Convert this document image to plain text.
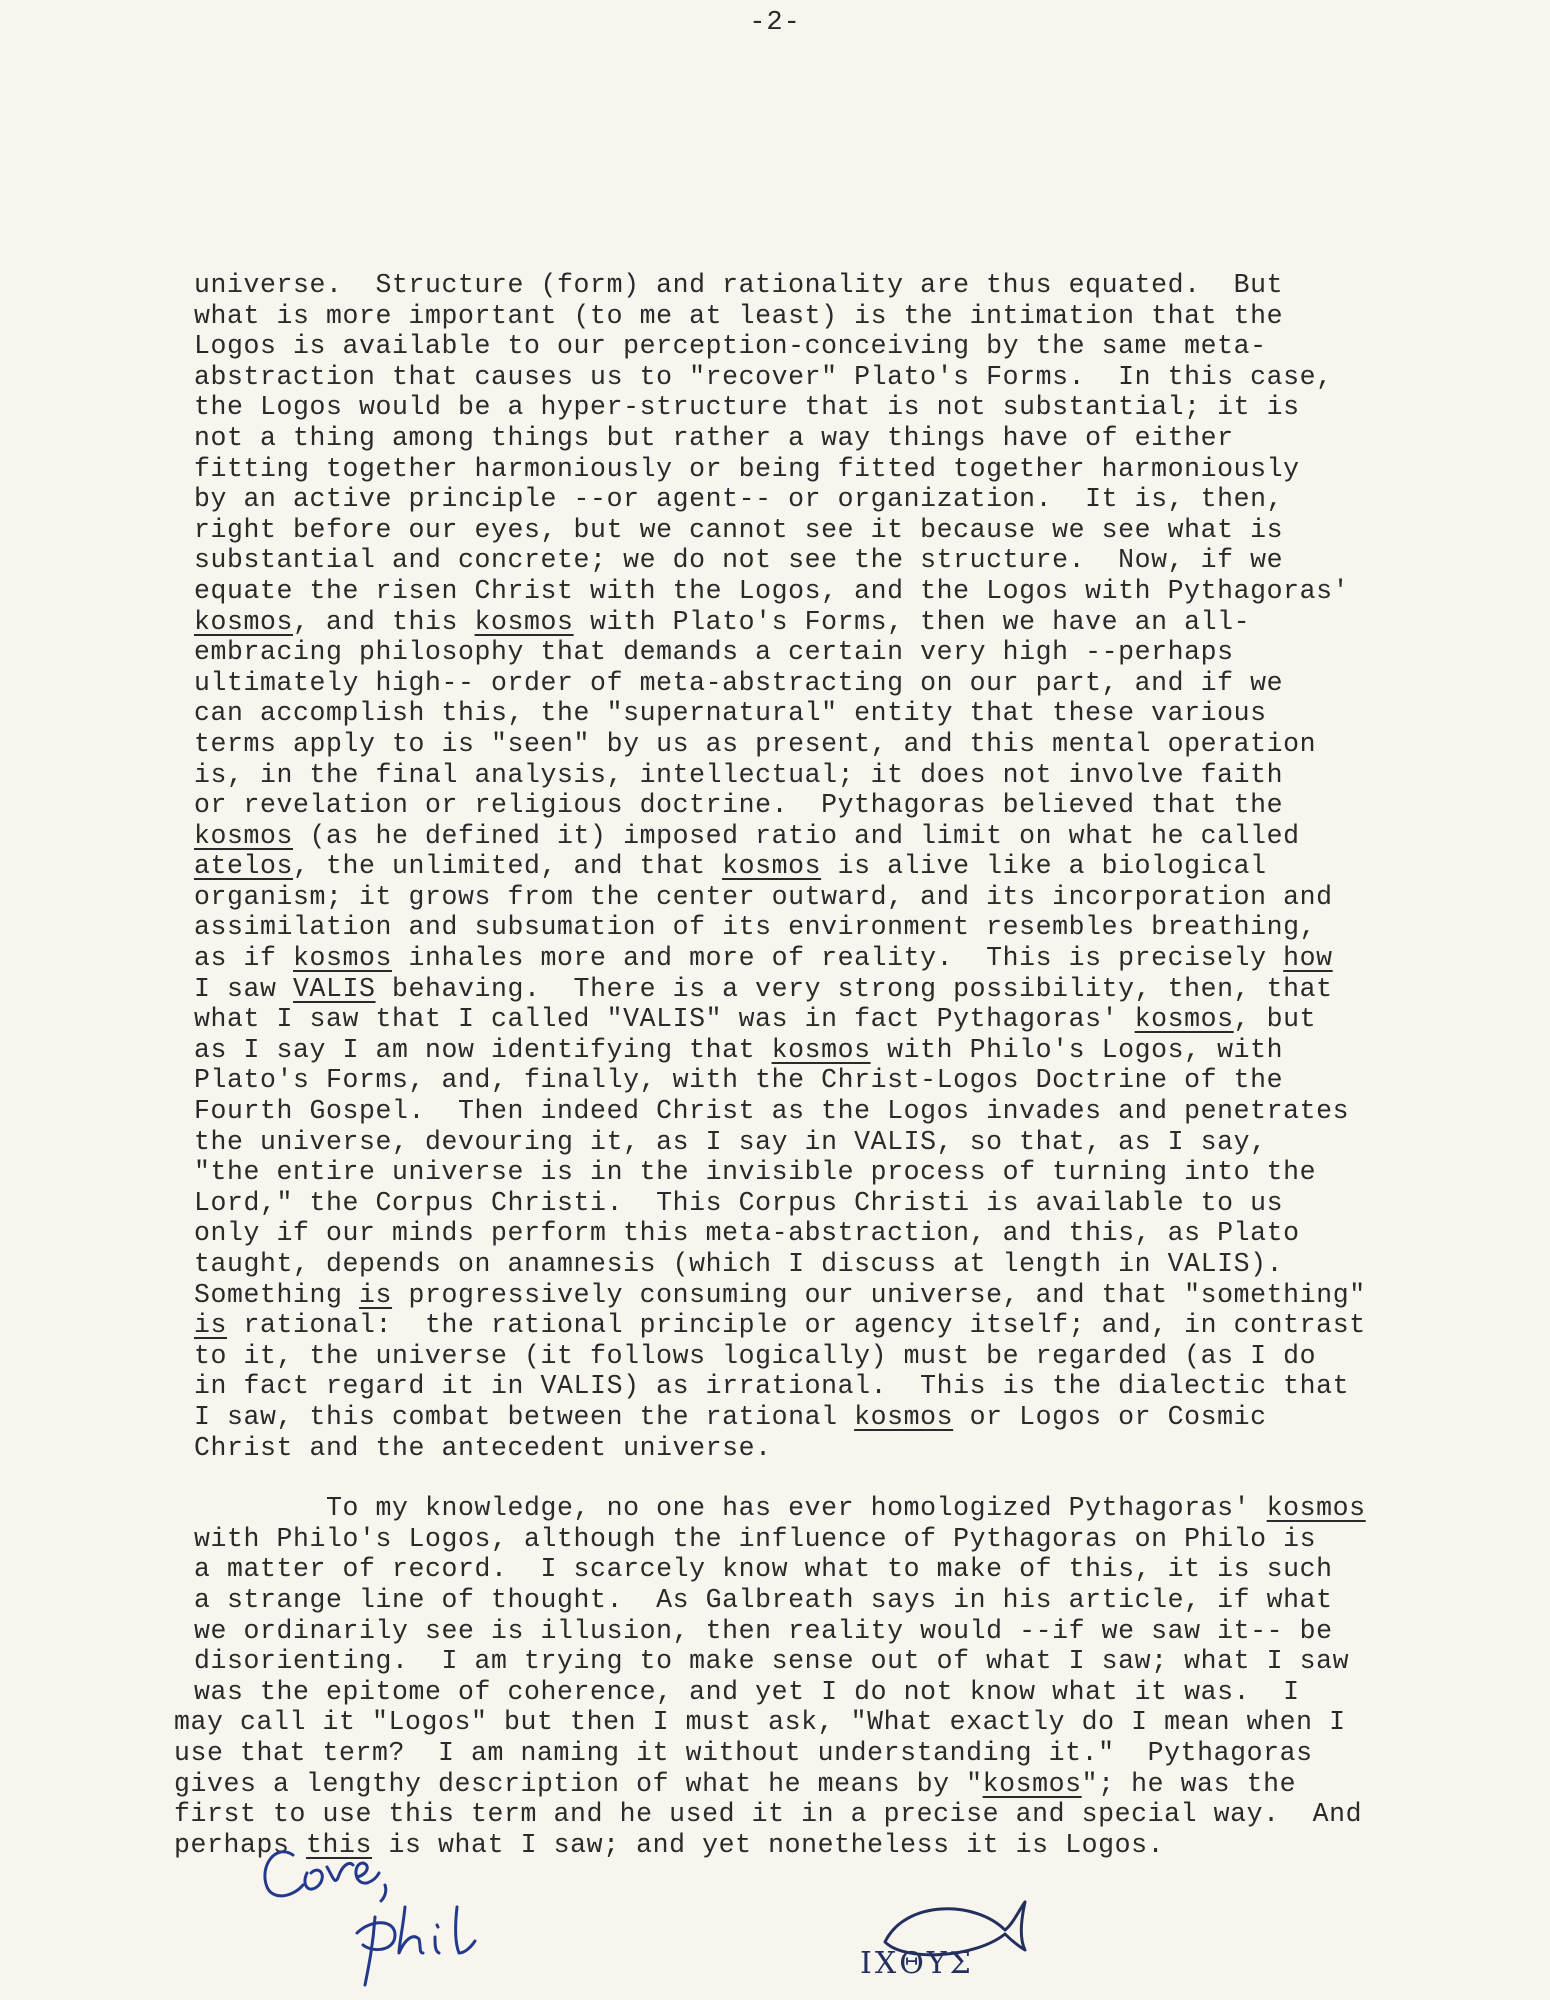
-2-

universe.  Structure (form) and rationality are thus equated.  But
what is more important (to me at least) is the intimation that the
Logos is available to our perception-conceiving by the same meta-
abstraction that causes us to "recover" Plato's Forms.  In this case,
the Logos would be a hyper-structure that is not substantial; it is
not a thing among things but rather a way things have of either
fitting together harmoniously or being fitted together harmoniously
by an active principle --or agent-- or organization.  It is, then,
right before our eyes, but we cannot see it because we see what is
substantial and concrete; we do not see the structure.  Now, if we
equate the risen Christ with the Logos, and the Logos with Pythagoras'
kosmos, and this kosmos with Plato's Forms, then we have an all-
embracing philosophy that demands a certain very high --perhaps
ultimately high-- order of meta-abstracting on our part, and if we
can accomplish this, the "supernatural" entity that these various
terms apply to is "seen" by us as present, and this mental operation
is, in the final analysis, intellectual; it does not involve faith
or revelation or religious doctrine.  Pythagoras believed that the
kosmos (as he defined it) imposed ratio and limit on what he called
atelos, the unlimited, and that kosmos is alive like a biological
organism; it grows from the center outward, and its incorporation and
assimilation and subsumation of its environment resembles breathing,
as if kosmos inhales more and more of reality.  This is precisely how
I saw VALIS behaving.  There is a very strong possibility, then, that
what I saw that I called "VALIS" was in fact Pythagoras' kosmos, but
as I say I am now identifying that kosmos with Philo's Logos, with
Plato's Forms, and, finally, with the Christ-Logos Doctrine of the
Fourth Gospel.  Then indeed Christ as the Logos invades and penetrates
the universe, devouring it, as I say in VALIS, so that, as I say,
"the entire universe is in the invisible process of turning into the
Lord," the Corpus Christi.  This Corpus Christi is available to us
only if our minds perform this meta-abstraction, and this, as Plato
taught, depends on anamnesis (which I discuss at length in VALIS).
Something is progressively consuming our universe, and that "something"
is rational:  the rational principle or agency itself; and, in contrast
to it, the universe (it follows logically) must be regarded (as I do
in fact regard it in VALIS) as irrational.  This is the dialectic that
I saw, this combat between the rational kosmos or Logos or Cosmic
Christ and the antecedent universe.

To my knowledge, no one has ever homologized Pythagoras' kosmos
with Philo's Logos, although the influence of Pythagoras on Philo is
a matter of record.  I scarcely know what to make of this, it is such
a strange line of thought.  As Galbreath says in his article, if what
we ordinarily see is illusion, then reality would --if we saw it-- be
disorienting.  I am trying to make sense out of what I saw; what I saw
was the epitome of coherence, and yet I do not know what it was.  I
may call it "Logos" but then I must ask, "What exactly do I mean when I
use that term?  I am naming it without understanding it."  Pythagoras
gives a lengthy description of what he means by "kosmos"; he was the
first to use this term and he used it in a precise and special way.  And
perhaps this is what I saw; and yet nonetheless it is Logos.

IXΘYΣ
